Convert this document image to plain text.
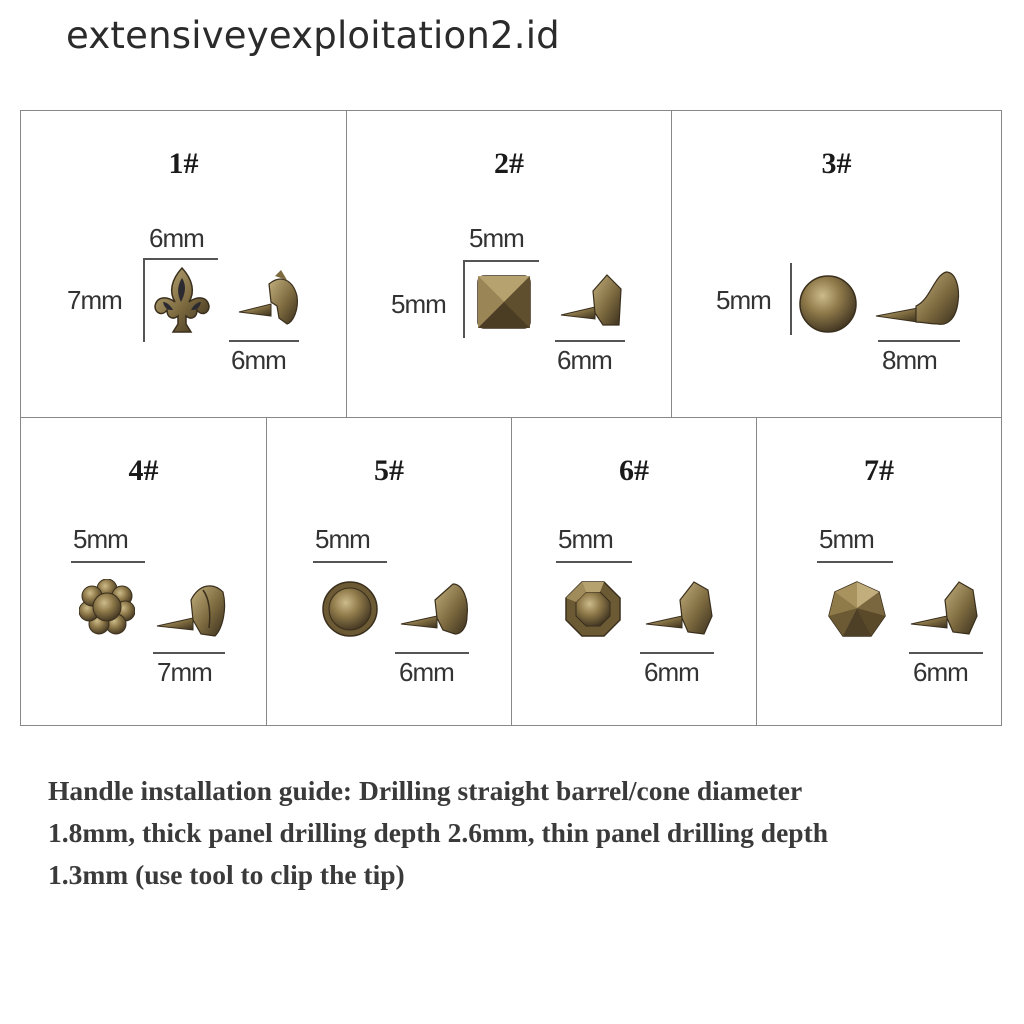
extensiveyexploitation2.id
1#
6mm
7mm
6mm
2#
5mm
5mm
6mm
3#
5mm
8mm
4#
5mm
7mm
5#
5mm
6mm
6#
5mm
6mm
7#
5mm
6mm
Handle installation guide: Drilling straight barrel/cone diameter
1.8mm, thick panel drilling depth 2.6mm, thin panel drilling depth
1.3mm (use tool to clip the tip)
